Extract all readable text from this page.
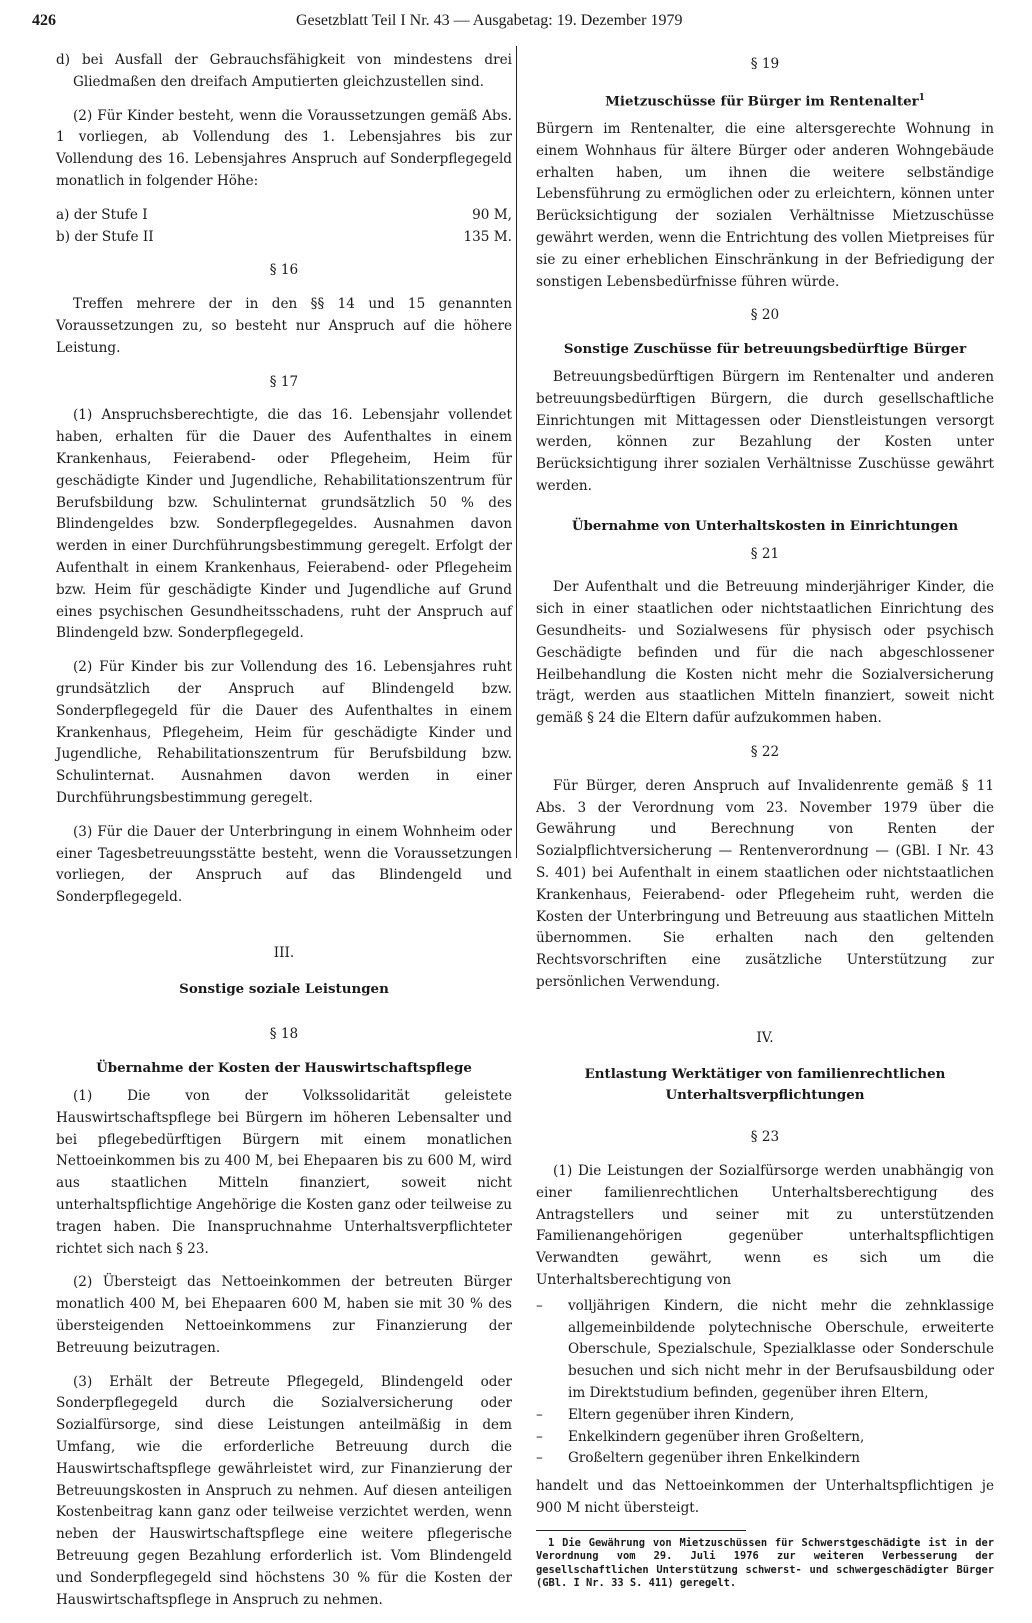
426	Gesetzblatt Teil I Nr. 43 — Ausgabetag: 19. Dezember 1979

d) bei Ausfall der Gebrauchsfähigkeit von mindestens drei Gliedmaßen den dreifach Amputierten gleichzustellen sind.

(2) Für Kinder besteht, wenn die Voraussetzungen gemäß Abs. 1 vorliegen, ab Vollendung des 1. Lebensjahres bis zur Vollendung des 16. Lebensjahres Anspruch auf Sonderpflegegeld monatlich in folgender Höhe:

a) der Stufe I	90 M,
b) der Stufe II	135 M.
§ 16

Treffen mehrere der in den §§ 14 und 15 genannten Voraussetzungen zu, so besteht nur Anspruch auf die höhere Leistung.

§ 17

(1) Anspruchsberechtigte, die das 16. Lebensjahr vollendet haben, erhalten für die Dauer des Aufenthaltes in einem Krankenhaus, Feierabend- oder Pflegeheim, Heim für geschädigte Kinder und Jugendliche, Rehabilitationszentrum für Berufsbildung bzw. Schulinternat grundsätzlich 50 % des Blindengeldes bzw. Sonderpflegegeldes. Ausnahmen davon werden in einer Durchführungsbestimmung geregelt. Erfolgt der Aufenthalt in einem Krankenhaus, Feierabend- oder Pflegeheim bzw. Heim für geschädigte Kinder und Jugendliche auf Grund eines psychischen Gesundheitsschadens, ruht der Anspruch auf Blindengeld bzw. Sonderpflegegeld.

(2) Für Kinder bis zur Vollendung des 16. Lebensjahres ruht grundsätzlich der Anspruch auf Blindengeld bzw. Sonderpflegegeld für die Dauer des Aufenthaltes in einem Krankenhaus, Pflegeheim, Heim für geschädigte Kinder und Jugendliche, Rehabilitationszentrum für Berufsbildung bzw. Schulinternat. Ausnahmen davon werden in einer Durchführungsbestimmung geregelt.

(3) Für die Dauer der Unterbringung in einem Wohnheim oder einer Tagesbetreuungsstätte besteht, wenn die Voraussetzungen vorliegen, der Anspruch auf das Blindengeld und Sonderpflegegeld.

III.
Sonstige soziale Leistungen
§ 18
Übernahme der Kosten der Hauswirtschaftspflege

(1) Die von der Volkssolidarität geleistete Hauswirtschaftspflege bei Bürgern im höheren Lebensalter und bei pflegebedürftigen Bürgern mit einem monatlichen Nettoeinkommen bis zu 400 M, bei Ehepaaren bis zu 600 M, wird aus staatlichen Mitteln finanziert, soweit nicht unterhaltspflichtige Angehörige die Kosten ganz oder teilweise zu tragen haben. Die Inanspruchnahme Unterhaltsverpflichteter richtet sich nach § 23.

(2) Übersteigt das Nettoeinkommen der betreuten Bürger monatlich 400 M, bei Ehepaaren 600 M, haben sie mit 30 % des übersteigenden Nettoeinkommens zur Finanzierung der Betreuung beizutragen.

(3) Erhält der Betreute Pflegegeld, Blindengeld oder Sonderpflegegeld durch die Sozialversicherung oder Sozialfürsorge, sind diese Leistungen anteilmäßig in dem Umfang, wie die erforderliche Betreuung durch die Hauswirtschaftspflege gewährleistet wird, zur Finanzierung der Betreuungskosten in Anspruch zu nehmen. Auf diesen anteiligen Kostenbeitrag kann ganz oder teilweise verzichtet werden, wenn neben der Hauswirtschaftspflege eine weitere pflegerische Betreuung gegen Bezahlung erforderlich ist. Vom Blindengeld und Sonderpflegegeld sind höchstens 30 % für die Kosten der Hauswirtschaftspflege in Anspruch zu nehmen.

§ 19
Mietzuschüsse für Bürger im Rentenalter$^1$

Bürgern im Rentenalter, die eine altersgerechte Wohnung in einem Wohnhaus für ältere Bürger oder anderen Wohngebäude erhalten haben, um ihnen die weitere selbständige Lebensführung zu ermöglichen oder zu erleichtern, können unter Berücksichtigung der sozialen Verhältnisse Mietzuschüsse gewährt werden, wenn die Entrichtung des vollen Mietpreises für sie zu einer erheblichen Einschränkung in der Befriedigung der sonstigen Lebensbedürfnisse führen würde.

§ 20
Sonstige Zuschüsse für betreuungsbedürftige Bürger

Betreuungsbedürftigen Bürgern im Rentenalter und anderen betreuungsbedürftigen Bürgern, die durch gesellschaftliche Einrichtungen mit Mittagessen oder Dienstleistungen versorgt werden, können zur Bezahlung der Kosten unter Berücksichtigung ihrer sozialen Verhältnisse Zuschüsse gewährt werden.

Übernahme von Unterhaltskosten in Einrichtungen
§ 21

Der Aufenthalt und die Betreuung minderjähriger Kinder, die sich in einer staatlichen oder nichtstaatlichen Einrichtung des Gesundheits- und Sozialwesens für physisch oder psychisch Geschädigte befinden und für die nach abgeschlossener Heilbehandlung die Kosten nicht mehr die Sozialversicherung trägt, werden aus staatlichen Mitteln finanziert, soweit nicht gemäß § 24 die Eltern dafür aufzukommen haben.

§ 22

Für Bürger, deren Anspruch auf Invalidenrente gemäß § 11 Abs. 3 der Verordnung vom 23. November 1979 über die Gewährung und Berechnung von Renten der Sozialpflichtversicherung — Rentenverordnung — (GBl. I Nr. 43 S. 401) bei Aufenthalt in einem staatlichen oder nichtstaatlichen Krankenhaus, Feierabend- oder Pflegeheim ruht, werden die Kosten der Unterbringung und Betreuung aus staatlichen Mitteln übernommen. Sie erhalten nach den geltenden Rechtsvorschriften eine zusätzliche Unterstützung zur persönlichen Verwendung.

IV.
Entlastung Werktätiger von familienrechtlichen
Unterhaltsverpflichtungen
§ 23

(1) Die Leistungen der Sozialfürsorge werden unabhängig von einer familienrechtlichen Unterhaltsberechtigung des Antragstellers und seiner mit zu unterstützenden Familienangehörigen gegenüber unterhaltspflichtigen Verwandten gewährt, wenn es sich um die Unterhaltsberechtigung von

– volljährigen Kindern, die nicht mehr die zehnklassige allgemeinbildende polytechnische Oberschule, erweiterte Oberschule, Spezialschule, Spezialklasse oder Sonderschule besuchen und sich nicht mehr in der Berufsausbildung oder im Direktstudium befinden, gegenüber ihren Eltern,
– Eltern gegenüber ihren Kindern,
– Enkelkindern gegenüber ihren Großeltern,
– Großeltern gegenüber ihren Enkelkindern

handelt und das Nettoeinkommen der Unterhaltspflichtigen je 900 M nicht übersteigt.

1 Die Gewährung von Mietzuschüssen für Schwerstgeschädigte ist in der Verordnung vom 29. Juli 1976 zur weiteren Verbesserung der gesellschaftlichen Unterstützung schwerst- und schwergeschädigter Bürger (GBl. I Nr. 33 S. 411) geregelt.
